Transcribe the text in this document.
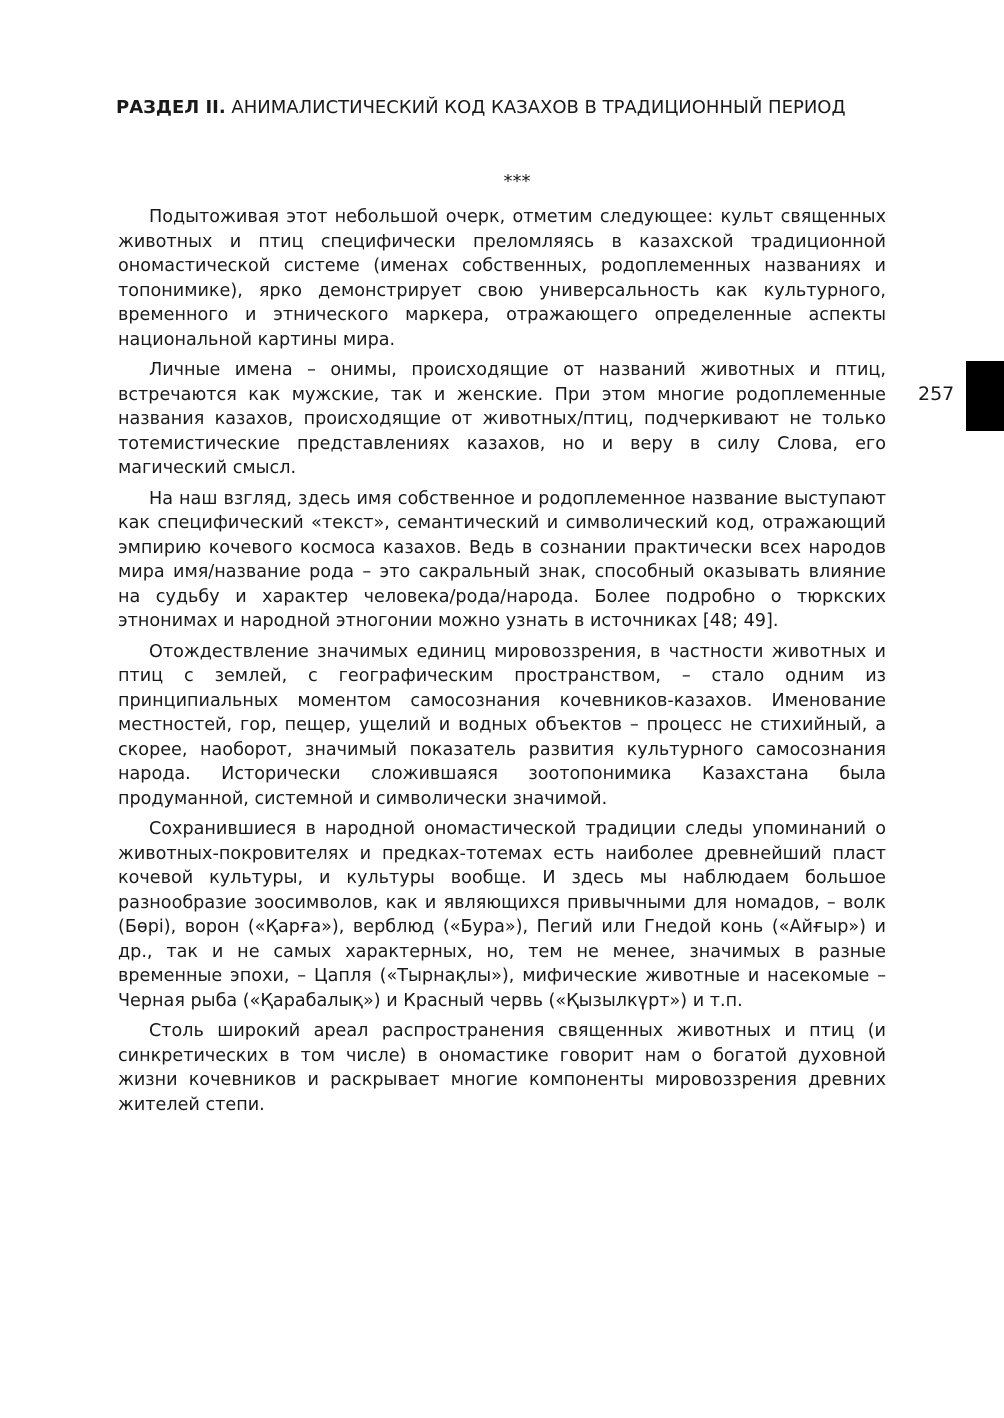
РАЗДЕЛ II. АНИМАЛИСТИЧЕСКИЙ КОД КАЗАХОВ В ТРАДИЦИОННЫЙ ПЕРИОД
***

Подытоживая этот небольшой очерк, отметим следующее: культ священных животных и птиц специфически преломляясь в казахской традиционной ономастической системе (именах собственных, родоплеменных названиях и топонимике), ярко демонстрирует свою универсальность как культурного, временного и этнического маркера, отражающего определенные аспекты национальной картины мира.

Личные имена – онимы, происходящие от названий животных и птиц, встречаются как мужские, так и женские. При этом многие родоплеменные названия казахов, происходящие от животных/птиц, подчеркивают не только тотемистические представлениях казахов, но и веру в силу Слова, его магический смысл.

На наш взгляд, здесь имя собственное и родоплеменное название выступают как специфический «текст», семантический и символический код, отражающий эмпирию кочевого космоса казахов. Ведь в сознании практически всех народов мира имя/название рода – это сакральный знак, способный оказывать влияние на судьбу и характер человека/рода/народа. Более подробно о тюркских этнонимах и народной этногонии можно узнать в источниках [48; 49].

Отождествление значимых единиц мировоззрения, в частности животных и птиц с землей, с географическим пространством, – стало одним из принципиальных моментом самосознания кочевников-казахов. Именование местностей, гор, пещер, ущелий и водных объектов – процесс не стихийный, а скорее, наоборот, значимый показатель развития культурного самосознания народа. Исторически сложившаяся зоотопонимика Казахстана была продуманной, системной и символически значимой.

Сохранившиеся в народной ономастической традиции следы упоминаний о животных-покровителях и предках-тотемах есть наиболее древнейший пласт кочевой культуры, и культуры вообще. И здесь мы наблюдаем большое разнообразие зоосимволов, как и являющихся привычными для номадов, – волк (Бөрі), ворон («Қарға»), верблюд («Бура»), Пегий или Гнедой конь («Айғыр») и др., так и не самых характерных, но, тем не менее, значимых в разные временные эпохи, – Цапля («Тырнақлы»), мифические животные и насекомые – Черная рыба («Қарабалық») и Красный червь («Қызылкүрт») и т.п.

Столь широкий ареал распространения священных животных и птиц (и синкретических в том числе) в ономастике говорит нам о богатой духовной жизни кочевников и раскрывает многие компоненты мировоззрения древних жителей степи.

257
